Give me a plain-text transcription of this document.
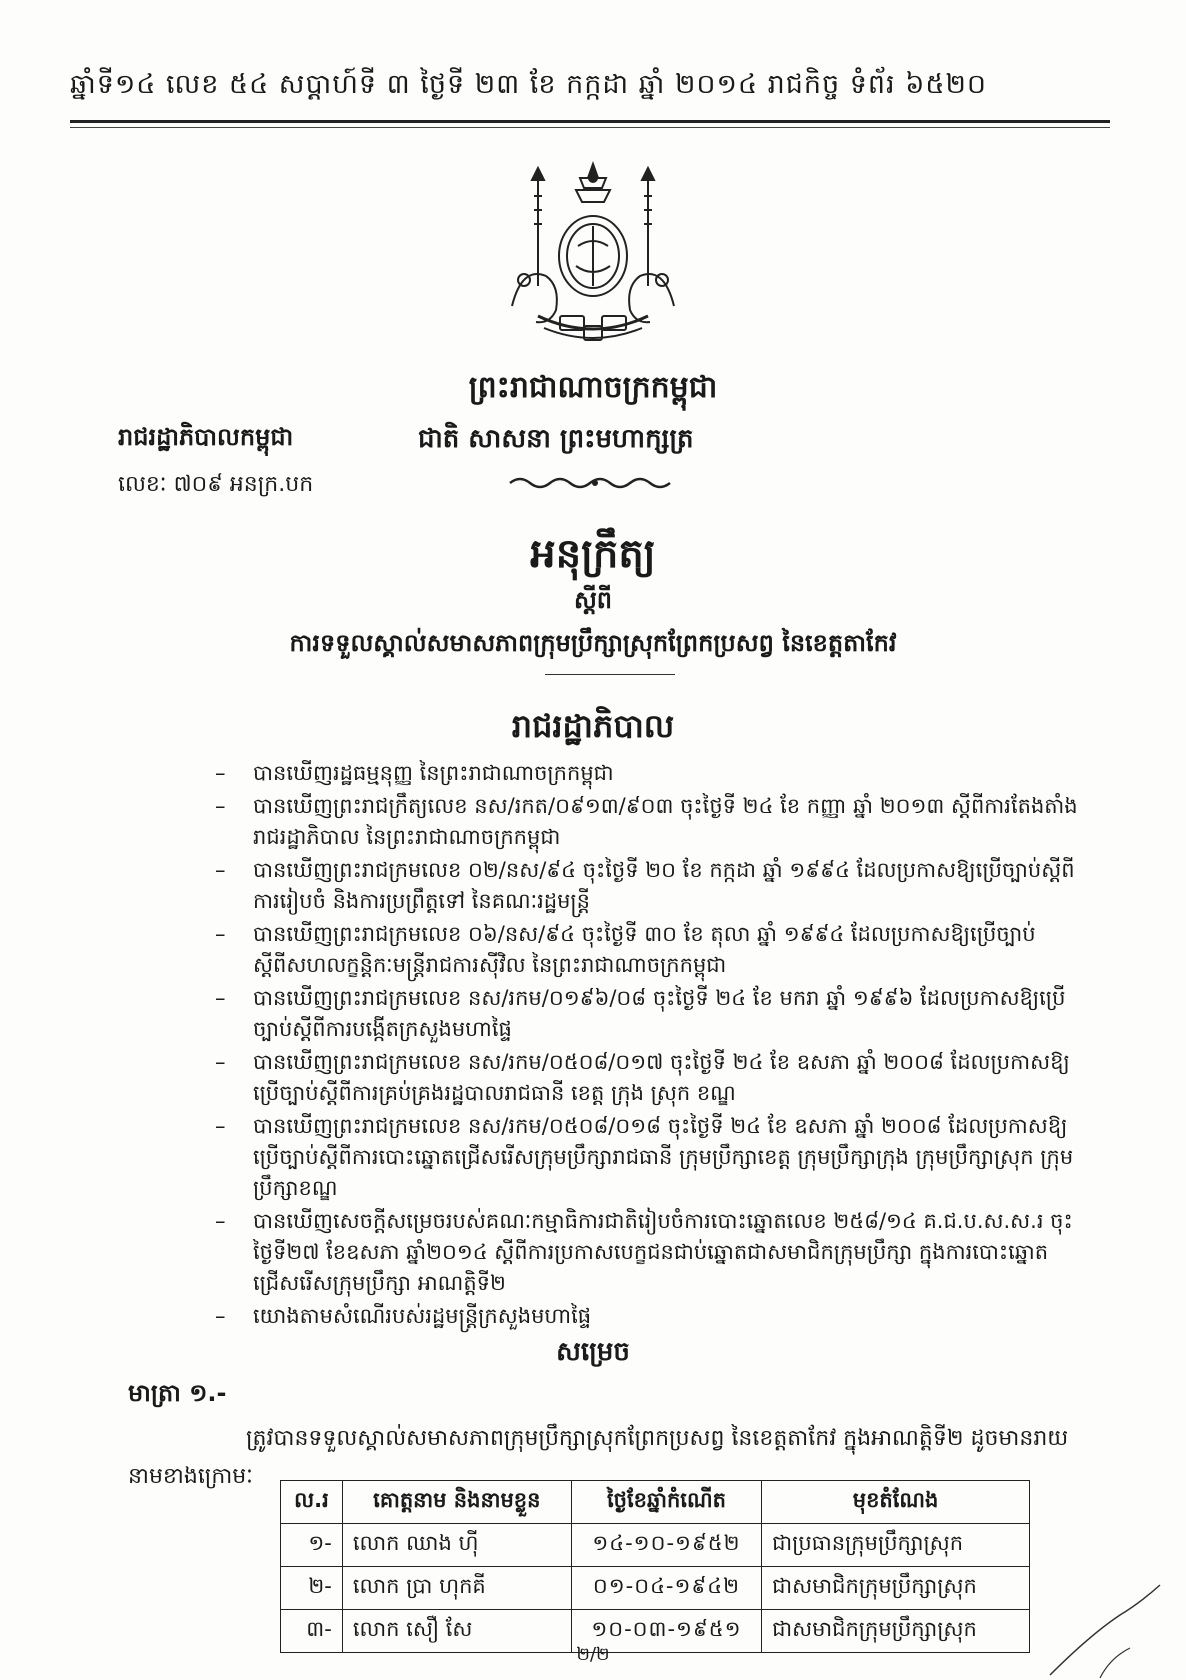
ឆ្នាំទី១៤ លេខ ៥៤ សប្តាហ៍ទី ៣ ថ្ងៃទី ២៣ ខែ កក្កដា ឆ្នាំ ២០១៤ រាជកិច្ច ទំព័រ ៦៥២០
ព្រះរាជាណាចក្រកម្ពុជា
រាជរដ្ឋាភិបាលកម្ពុជា	ជាតិ សាសនា ព្រះមហាក្សត្រ
លេខៈ ៧០៩ អនក្រ.បក
អនុក្រឹត្យ
ស្តីពី
ការទទួលស្គាល់សមាសភាពក្រុមប្រឹក្សាស្រុកព្រែកប្រសព្វ នៃខេត្តតាកែវ
រាជរដ្ឋាភិបាល
– បានឃើញរដ្ឋធម្មនុញ្ញ នៃព្រះរាជាណាចក្រកម្ពុជា
– បានឃើញព្រះរាជក្រឹត្យលេខ នស/រកត/០៩១៣/៩០៣ ចុះថ្ងៃទី ២៤ ខែ កញ្ញា ឆ្នាំ ២០១៣ ស្តីពីការតែងតាំងរាជរដ្ឋាភិបាល នៃព្រះរាជាណាចក្រកម្ពុជា
– បានឃើញព្រះរាជក្រមលេខ ០២/នស/៩៤ ចុះថ្ងៃទី ២០ ខែ កក្កដា ឆ្នាំ ១៩៩៤ ដែលប្រកាសឱ្យប្រើច្បាប់ស្តីពីការរៀបចំ និងការប្រព្រឹត្តទៅ នៃគណៈរដ្ឋមន្ត្រី
– បានឃើញព្រះរាជក្រមលេខ ០៦/នស/៩៤ ចុះថ្ងៃទី ៣០ ខែ តុលា ឆ្នាំ ១៩៩៤ ដែលប្រកាសឱ្យប្រើច្បាប់ស្តីពីសហលក្ខន្តិកៈមន្ត្រីរាជការស៊ីវិល នៃព្រះរាជាណាចក្រកម្ពុជា
– បានឃើញព្រះរាជក្រមលេខ នស/រកម/០១៩៦/០៨ ចុះថ្ងៃទី ២៤ ខែ មករា ឆ្នាំ ១៩៩៦ ដែលប្រកាសឱ្យប្រើច្បាប់ស្តីពីការបង្កើតក្រសួងមហាផ្ទៃ
– បានឃើញព្រះរាជក្រមលេខ នស/រកម/០៥០៨/០១៧ ចុះថ្ងៃទី ២៤ ខែ ឧសភា ឆ្នាំ ២០០៨ ដែលប្រកាសឱ្យប្រើច្បាប់ស្តីពីការគ្រប់គ្រងរដ្ឋបាលរាជធានី ខេត្ត ក្រុង ស្រុក ខណ្ឌ
– បានឃើញព្រះរាជក្រមលេខ នស/រកម/០៥០៨/០១៨ ចុះថ្ងៃទី ២៤ ខែ ឧសភា ឆ្នាំ ២០០៨ ដែលប្រកាសឱ្យប្រើច្បាប់ស្តីពីការបោះឆ្នោតជ្រើសរើសក្រុមប្រឹក្សារាជធានី ក្រុមប្រឹក្សាខេត្ត ក្រុមប្រឹក្សាក្រុង ក្រុមប្រឹក្សាស្រុក ក្រុមប្រឹក្សាខណ្ឌ
– បានឃើញសេចក្តីសម្រេចរបស់គណៈកម្មាធិការជាតិរៀបចំការបោះឆ្នោតលេខ ២៥៨/១៤ គ.ជ.ប.ស.ស.រ ចុះថ្ងៃទី២៧ ខែឧសភា ឆ្នាំ២០១៤ ស្តីពីការប្រកាសបេក្ខជនជាប់ឆ្នោតជាសមាជិកក្រុមប្រឹក្សា ក្នុងការបោះឆ្នោតជ្រើសរើសក្រុមប្រឹក្សា អាណត្តិទី២
– យោងតាមសំណើរបស់រដ្ឋមន្ត្រីក្រសួងមហាផ្ទៃ
សម្រេច
មាត្រា ១.-
ត្រូវបានទទួលស្គាល់សមាសភាពក្រុមប្រឹក្សាស្រុកព្រែកប្រសព្វ នៃខេត្តតាកែវ ក្នុងអាណត្តិទី២ ដូចមានរាយនាមខាងក្រោមៈ
ល.រ	គោត្តនាម និងនាមខ្លួន	ថ្ងៃខែឆ្នាំកំណើត	មុខតំណែង
១-	លោក ឈាង ហ៊ី	១៤-១០-១៩៥២	ជាប្រធានក្រុមប្រឹក្សាស្រុក
២-	លោក ប្រា ហុកគី	០១-០៤-១៩៤២	ជាសមាជិកក្រុមប្រឹក្សាស្រុក
៣-	លោក សឿ សែ	១០-០៣-១៩៥១	ជាសមាជិកក្រុមប្រឹក្សាស្រុក
២/២
